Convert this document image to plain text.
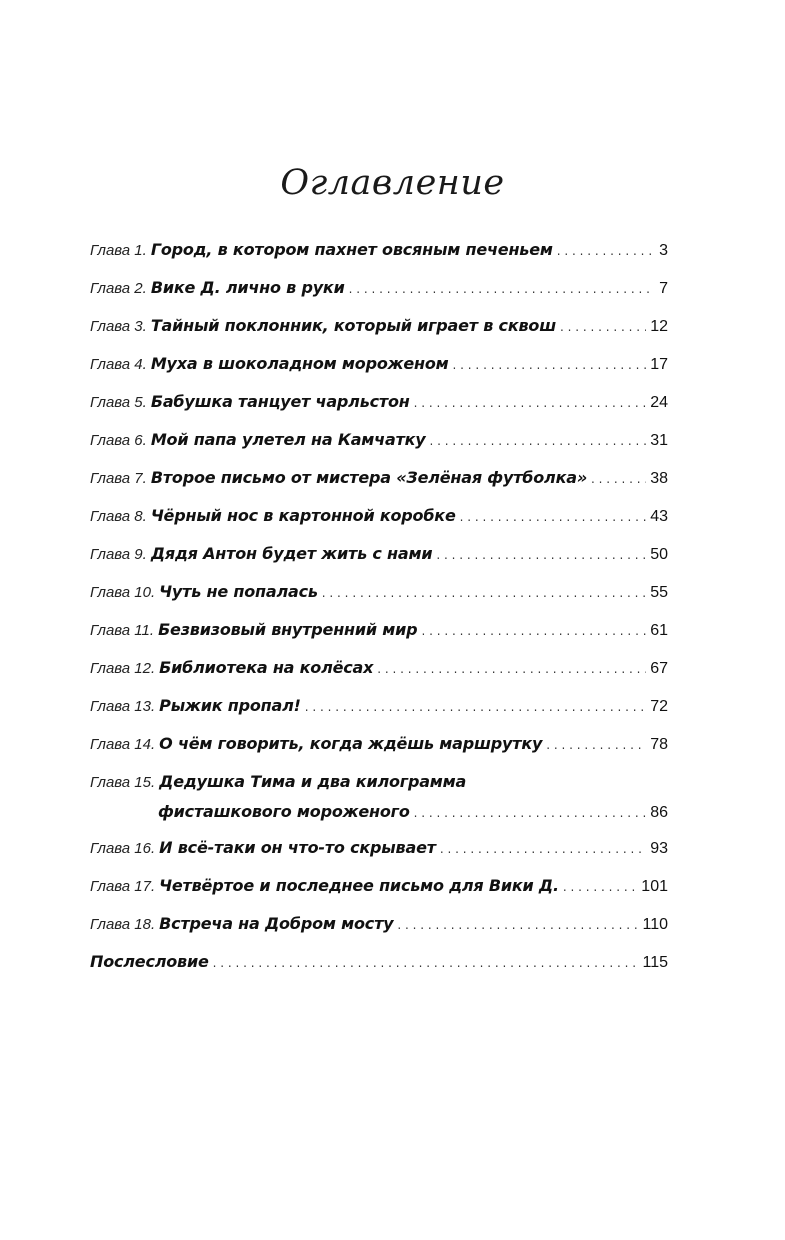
Оглавление
Глава 1. Город, в котором пахнет овсяным печеньем . . .	3
Глава 2. Вике Д. лично в руки . . .	7
Глава 3. Тайный поклонник, который играет в сквош . . .	12
Глава 4. Муха в шоколадном мороженом . . .	17
Глава 5. Бабушка танцует чарльстон . . .	24
Глава 6. Мой папа улетел на Камчатку . . .	31
Глава 7. Второе письмо от мистера «Зелёная футболка» . . .	38
Глава 8. Чёрный нос в картонной коробке . . .	43
Глава 9. Дядя Антон будет жить с нами . . .	50
Глава 10. Чуть не попалась . . .	55
Глава 11. Безвизовый внутренний мир . . .	61
Глава 12. Библиотека на колёсах . . .	67
Глава 13. Рыжик пропал! . . .	72
Глава 14. О чём говорить, когда ждёшь маршрутку . . .	78
Глава 15. Дедушка Тима и два килограмма
фисташкового мороженого . . .	86
Глава 16. И всё-таки он что-то скрывает . . .	93
Глава 17. Четвёртое и последнее письмо для Вики Д. . . .	101
Глава 18. Встреча на Добром мосту . . .	110
Послесловие . . .	115
